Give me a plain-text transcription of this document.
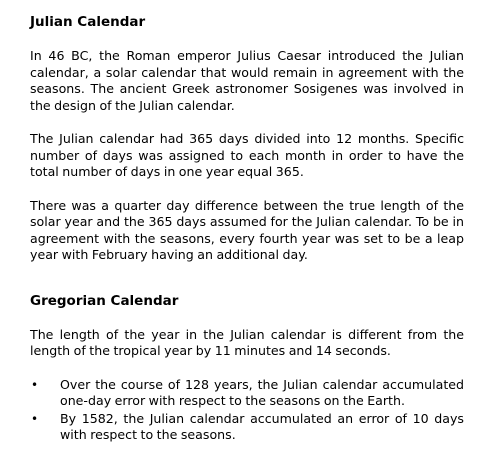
Julian Calendar

In 46 BC, the Roman emperor Julius Caesar introduced the Julian calendar, a solar calendar that would remain in agreement with the seasons. The ancient Greek astronomer Sosigenes was involved in the design of the Julian calendar.

The Julian calendar had 365 days divided into 12 months. Specific number of days was assigned to each month in order to have the total number of days in one year equal 365.

There was a quarter day difference between the true length of the solar year and the 365 days assumed for the Julian calendar. To be in agreement with the seasons, every fourth year was set to be a leap year with February having an additional day.

Gregorian Calendar

The length of the year in the Julian calendar is different from the length of the tropical year by 11 minutes and 14 seconds.

• Over the course of 128 years, the Julian calendar accumulated one-day error with respect to the seasons on the Earth.
• By 1582, the Julian calendar accumulated an error of 10 days with respect to the seasons.
